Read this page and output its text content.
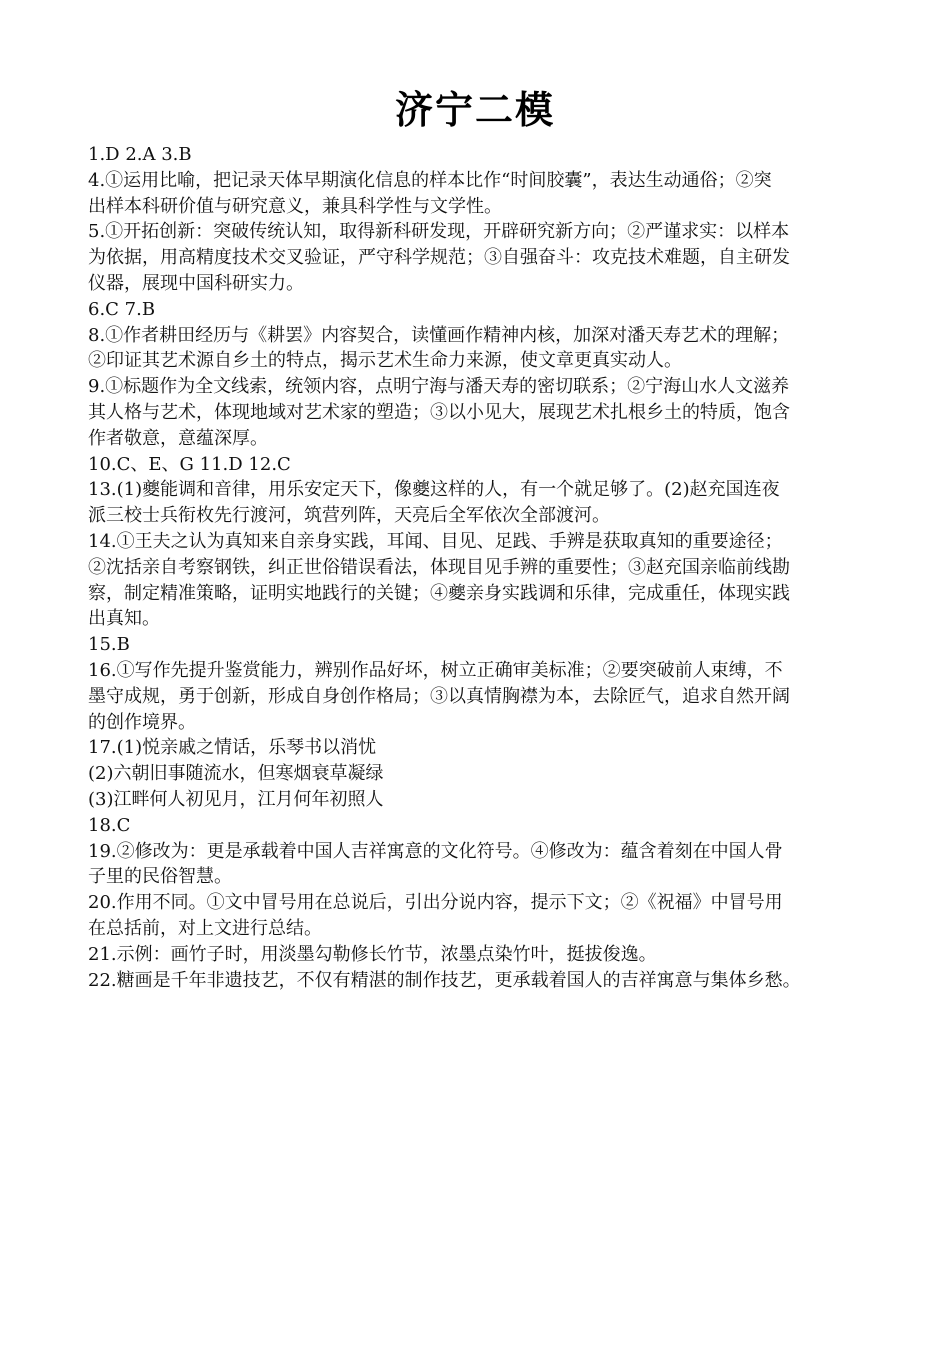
济宁二模
1.D 2.A 3.B
4.①运用比喻，把记录天体早期演化信息的样本比作“时间胶囊”，表达生动通俗；②突
出样本科研价值与研究意义，兼具科学性与文学性。
5.①开拓创新：突破传统认知，取得新科研发现，开辟研究新方向；②严谨求实：以样本
为依据，用高精度技术交叉验证，严守科学规范；③自强奋斗：攻克技术难题，自主研发
仪器，展现中国科研实力。
6.C 7.B
8.①作者耕田经历与《耕罢》内容契合，读懂画作精神内核，加深对潘天寿艺术的理解；
②印证其艺术源自乡土的特点，揭示艺术生命力来源，使文章更真实动人。
9.①标题作为全文线索，统领内容，点明宁海与潘天寿的密切联系；②宁海山水人文滋养
其人格与艺术，体现地域对艺术家的塑造；③以小见大，展现艺术扎根乡土的特质，饱含
作者敬意，意蕴深厚。
10.C、E、G 11.D 12.C
13.(1)夔能调和音律，用乐安定天下，像夔这样的人，有一个就足够了。(2)赵充国连夜
派三校士兵衔枚先行渡河，筑营列阵，天亮后全军依次全部渡河。
14.①王夫之认为真知来自亲身实践，耳闻、目见、足践、手辨是获取真知的重要途径；
②沈括亲自考察钢铁，纠正世俗错误看法，体现目见手辨的重要性；③赵充国亲临前线勘
察，制定精准策略，证明实地践行的关键；④夔亲身实践调和乐律，完成重任，体现实践
出真知。
15.B
16.①写作先提升鉴赏能力，辨别作品好坏，树立正确审美标准；②要突破前人束缚，不
墨守成规，勇于创新，形成自身创作格局；③以真情胸襟为本，去除匠气，追求自然开阔
的创作境界。
17.(1)悦亲戚之情话，乐琴书以消忧
(2)六朝旧事随流水，但寒烟衰草凝绿
(3)江畔何人初见月，江月何年初照人
18.C
19.②修改为：更是承载着中国人吉祥寓意的文化符号。④修改为：蕴含着刻在中国人骨
子里的民俗智慧。
20.作用不同。①文中冒号用在总说后，引出分说内容，提示下文；②《祝福》中冒号用
在总括前，对上文进行总结。
21.示例：画竹子时，用淡墨勾勒修长竹节，浓墨点染竹叶，挺拔俊逸。
22.糖画是千年非遗技艺，不仅有精湛的制作技艺，更承载着国人的吉祥寓意与集体乡愁。
